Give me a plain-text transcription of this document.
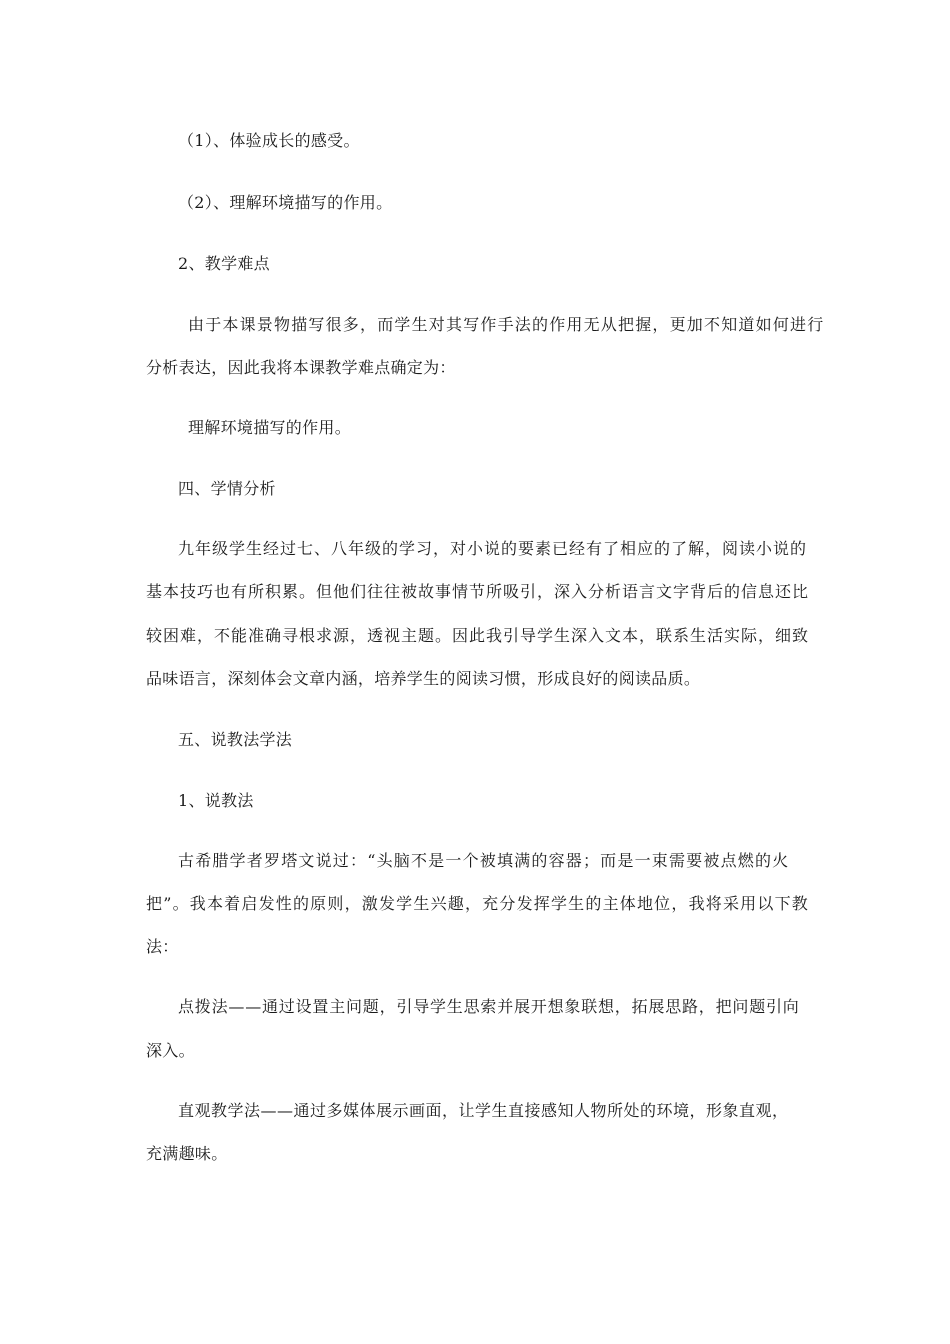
（1）、体验成长的感受。
（2）、理解环境描写的作用。
2、教学难点
由于本课景物描写很多，而学生对其写作手法的作用无从把握，更加不知道如何进行
分析表达，因此我将本课教学难点确定为：
理解环境描写的作用。
四、学情分析
九年级学生经过七、八年级的学习，对小说的要素已经有了相应的了解，阅读小说的
基本技巧也有所积累。但他们往往被故事情节所吸引，深入分析语言文字背后的信息还比
较困难，不能准确寻根求源，透视主题。因此我引导学生深入文本，联系生活实际，细致
品味语言，深刻体会文章内涵，培养学生的阅读习惯，形成良好的阅读品质。
五、说教法学法
1、说教法
古希腊学者罗塔文说过：“头脑不是一个被填满的容器；而是一束需要被点燃的火
把”。我本着启发性的原则，激发学生兴趣，充分发挥学生的主体地位，我将采用以下教
法：
点拨法——通过设置主问题，引导学生思索并展开想象联想，拓展思路，把问题引向
深入。
直观教学法——通过多媒体展示画面，让学生直接感知人物所处的环境，形象直观，
充满趣味。
